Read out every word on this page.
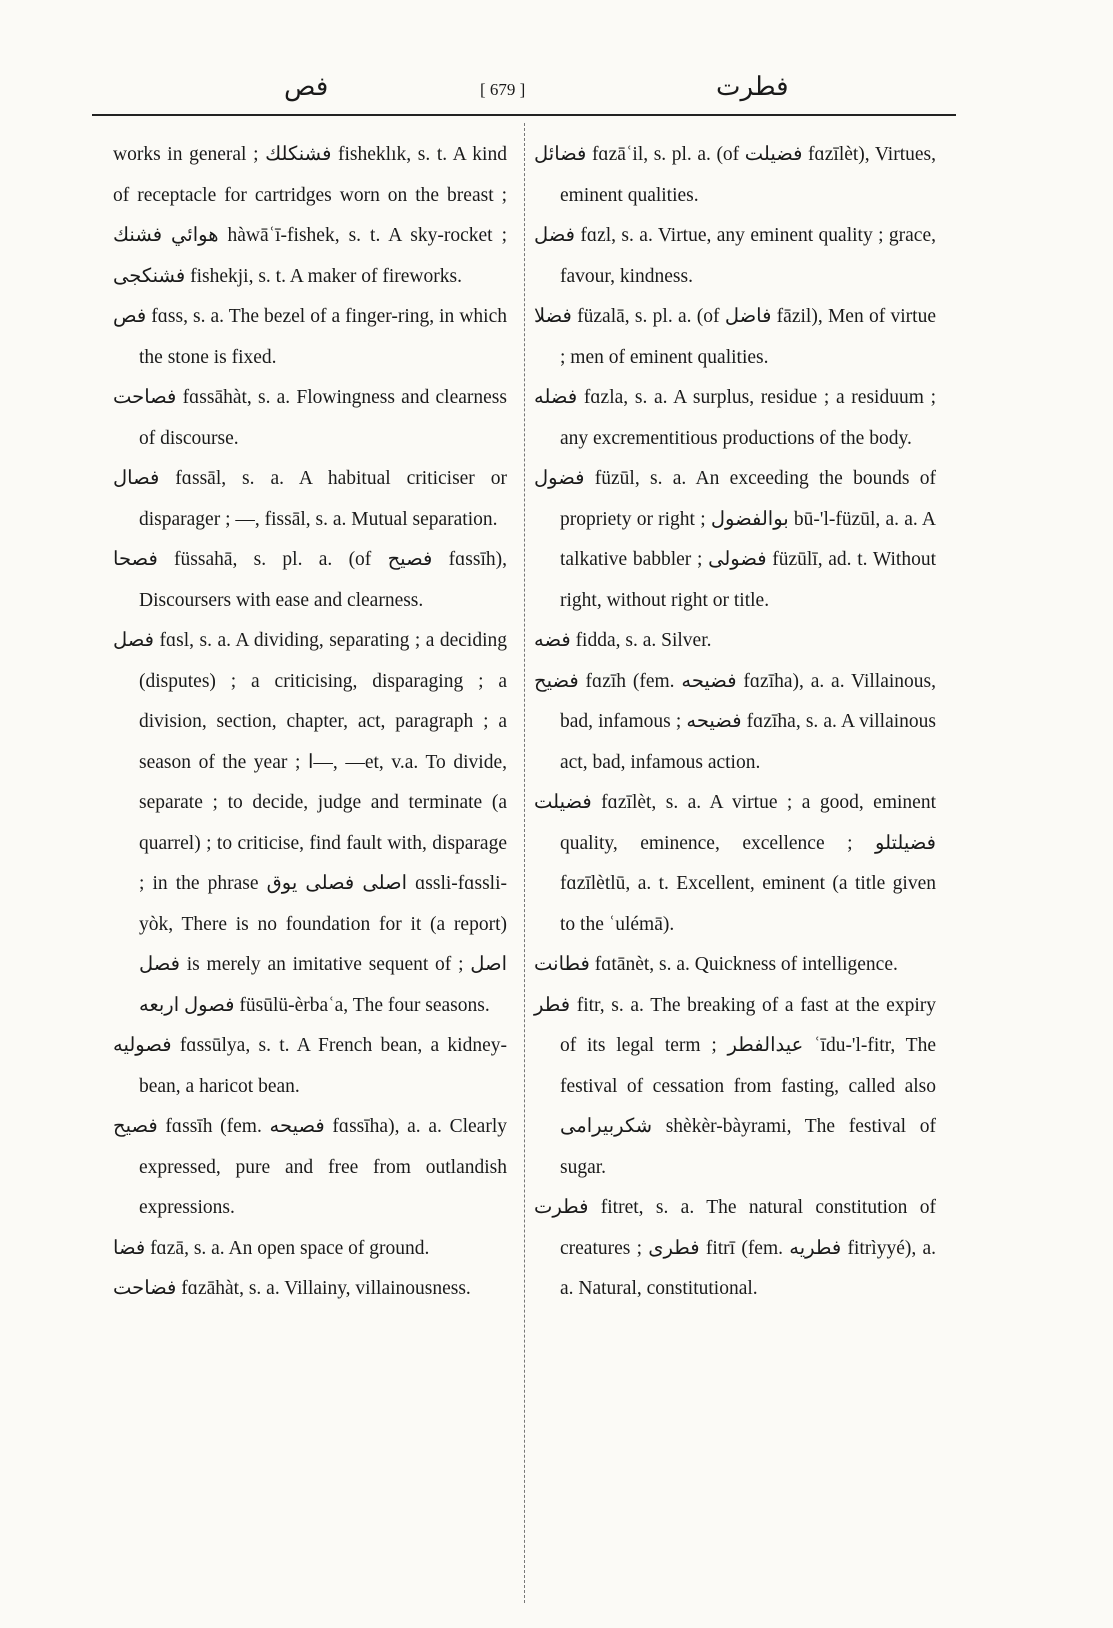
فص	[ 679 ]	فطرت
works in general ; فشنكلك fisheklık, s. t. A kind of receptacle for cartridges worn on the breast ; هوائي فشنك hàwāʿī-fishek, s. t. A sky-rocket ; فشنكجى fishekji, s. t. A maker of fireworks.
فص fɑss, s. a. The bezel of a finger-ring, in which the stone is fixed.
فصاحت fɑssāhàt, s. a. Flowingness and clearness of discourse.
فصال fɑssāl, s. a. A habitual criticiser or disparager ; —, fissāl, s. a. Mutual separation.
فصحا füssahā, s. pl. a. (of فصيح fɑssīh), Discoursers with ease and clearness.
فصل fɑsl, s. a. A dividing, separating ; a deciding (disputes) ; a criticising, disparaging ; a division, section, chapter, act, paragraph ; a season of the year ; ا—, —et, v.a. To divide, separate ; to decide, judge and terminate (a quarrel) ; to criticise, find fault with, disparage ; in the phrase اصلى فصلى يوق ɑssli-fɑssli-yòk, There is no foundation for it (a report) فصل is merely an imitative sequent of اصل ; فصول اربعه füsūlü-èrbaʿa, The four seasons.
فصوليه fɑssūlya, s. t. A French bean, a kidney-bean, a haricot bean.
فصيح fɑssīh (fem. فصيحه fɑssīha), a. a. Clearly expressed, pure and free from outlandish expressions.
فضا fɑzā, s. a. An open space of ground.
فضاحت fɑzāhàt, s. a. Villainy, villainousness.
فضائل fɑzāʿil, s. pl. a. (of فضيلت fɑzīlèt), Virtues, eminent qualities.
فضل fɑzl, s. a. Virtue, any eminent quality ; grace, favour, kindness.
فضلا füzalā, s. pl. a. (of فاضل fāzil), Men of virtue ; men of eminent qualities.
فضله fɑzla, s. a. A surplus, residue ; a residuum ; any excrementitious productions of the body.
فضول füzūl, s. a. An exceeding the bounds of propriety or right ; بوالفضول bū-'l-füzūl, a. a. A talkative babbler ; فضولى füzūlī, ad. t. Without right, without right or title.
فضه fidda, s. a. Silver.
فضيح fɑzīh (fem. فضيحه fɑzīha), a. a. Villainous, bad, infamous ; فضيحه fɑzīha, s. a. A villainous act, bad, infamous action.
فضيلت fɑzīlèt, s. a. A virtue ; a good, eminent quality, eminence, excellence ; فضيلتلو fɑzīlètlū, a. t. Excellent, eminent (a title given to the ʿulémā).
فطانت fɑtānèt, s. a. Quickness of intelligence.
فطر fitr, s. a. The breaking of a fast at the expiry of its legal term ; عيدالفطر ʿīdu-'l-fitr, The festival of cessation from fasting, called also شكربيرامى shèkèr-bàyrami, The festival of sugar.
فطرت fitret, s. a. The natural constitution of creatures ; فطرى fitrī (fem. فطريه fitrìyyé), a. a. Natural, constitutional.
